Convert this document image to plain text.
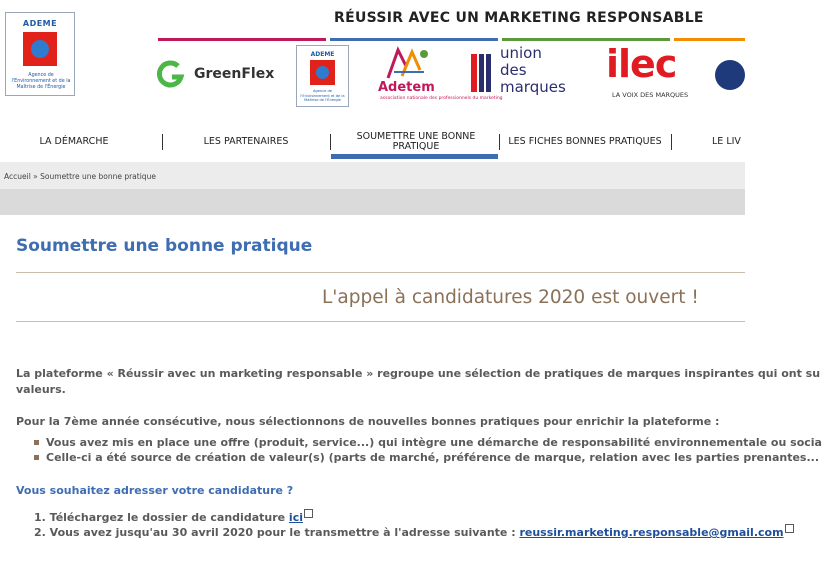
ADEME
Agence de l'Environnement et de la Maîtrise de l'Énergie
RÉUSSIR AVEC UN MARKETING RESPONSABLE
GreenFlex
ADEME
Agence de l'Environnement et de la Maîtrise de l'Énergie
Adetem
association nationale des professionnels du marketing
union
des
marques
ilec
LA VOIX DES MARQUES
LA DÉMARCHE	LES PARTENAIRES	SOUMETTRE UNE BONNE PRATIQUE	LES FICHES BONNES PRATIQUES	LE LIV
Accueil » Soumettre une bonne pratique
Soumettre une bonne pratique
L'appel à candidatures 2020 est ouvert !
La plateforme « Réussir avec un marketing responsable » regroupe une sélection de pratiques de marques inspirantes qui ont su
valeurs.
Pour la 7ème année consécutive, nous sélectionnons de nouvelles bonnes pratiques pour enrichir la plateforme :
Vous avez mis en place une offre (produit, service...) qui intègre une démarche de responsabilité environnementale ou socia
Celle-ci a été source de création de valeur(s) (parts de marché, préférence de marque, relation avec les parties prenantes...
Vous souhaitez adresser votre candidature ?
1. Téléchargez le dossier de candidature ici
2. Vous avez jusqu'au 30 avril 2020 pour le transmettre à l'adresse suivante : reussir.marketing.responsable@gmail.com
